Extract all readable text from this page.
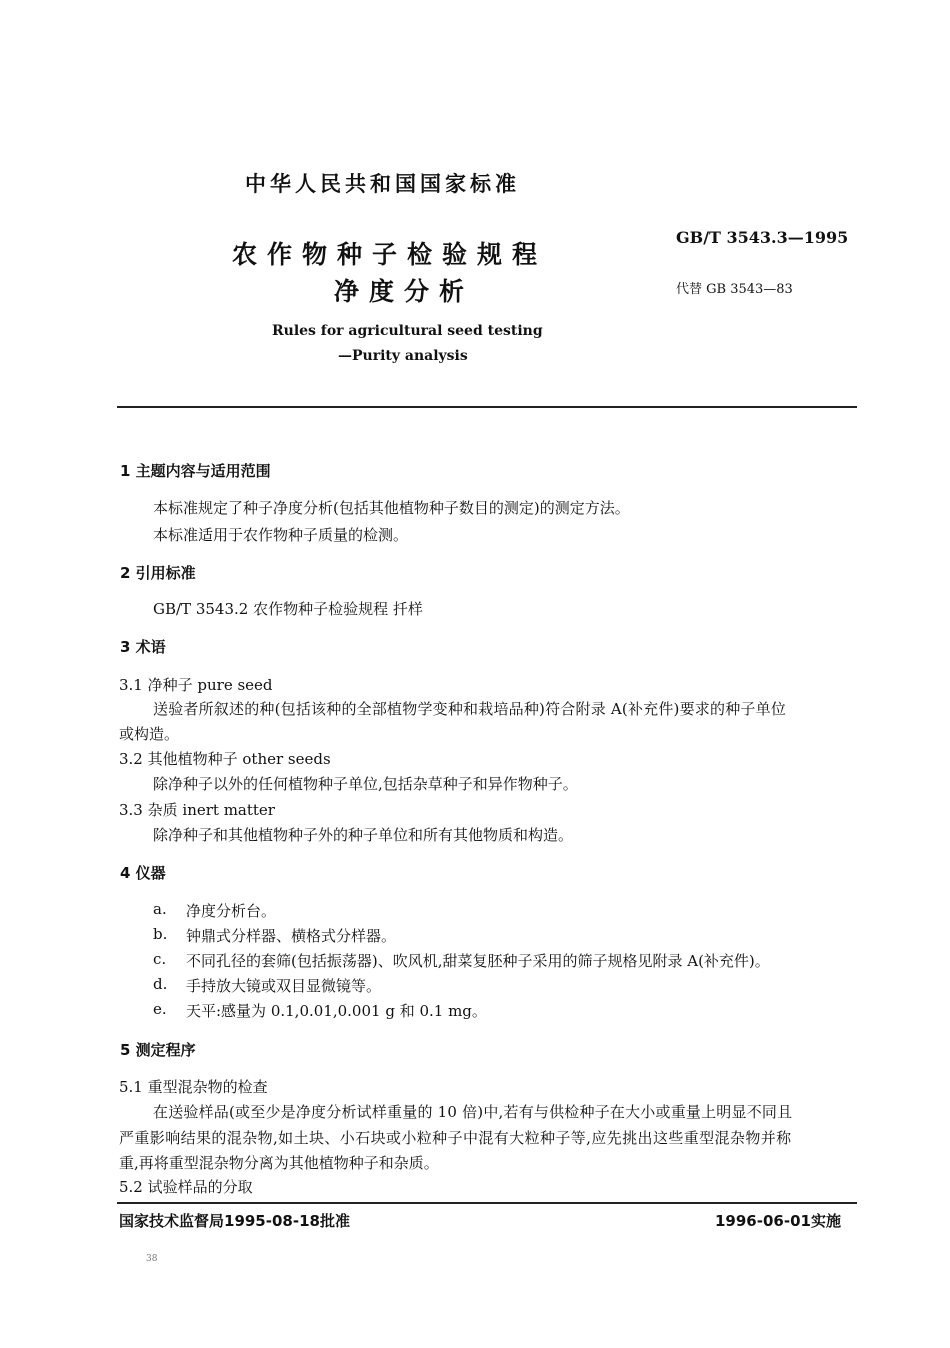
中华人民共和国国家标准
农作物种子检验规程
净度分析
GB/T 3543.3—1995
代替 GB 3543—83
Rules for agricultural seed testing
—Purity analysis
1 主题内容与适用范围
本标准规定了种子净度分析(包括其他植物种子数目的测定)的测定方法。
本标准适用于农作物种子质量的检测。
2 引用标准
GB/T 3543.2 农作物种子检验规程 扦样
3 术语
3.1 净种子 pure seed
送验者所叙述的种(包括该种的全部植物学变种和栽培品种)符合附录 A(补充件)要求的种子单位
或构造。
3.2 其他植物种子 other seeds
除净种子以外的任何植物种子单位,包括杂草种子和异作物种子。
3.3 杂质 inert matter
除净种子和其他植物种子外的种子单位和所有其他物质和构造。
4 仪器
a. 净度分析台。
b. 钟鼎式分样器、横格式分样器。
c. 不同孔径的套筛(包括振荡器)、吹风机,甜菜复胚种子采用的筛子规格见附录 A(补充件)。
d. 手持放大镜或双目显微镜等。
e. 天平:感量为 0.1,0.01,0.001 g 和 0.1 mg。
5 测定程序
5.1 重型混杂物的检查
在送验样品(或至少是净度分析试样重量的 10 倍)中,若有与供检种子在大小或重量上明显不同且
严重影响结果的混杂物,如土块、小石块或小粒种子中混有大粒种子等,应先挑出这些重型混杂物并称
重,再将重型混杂物分离为其他植物种子和杂质。
5.2 试验样品的分取
国家技术监督局1995-08-18批准	1996-06-01实施
38
